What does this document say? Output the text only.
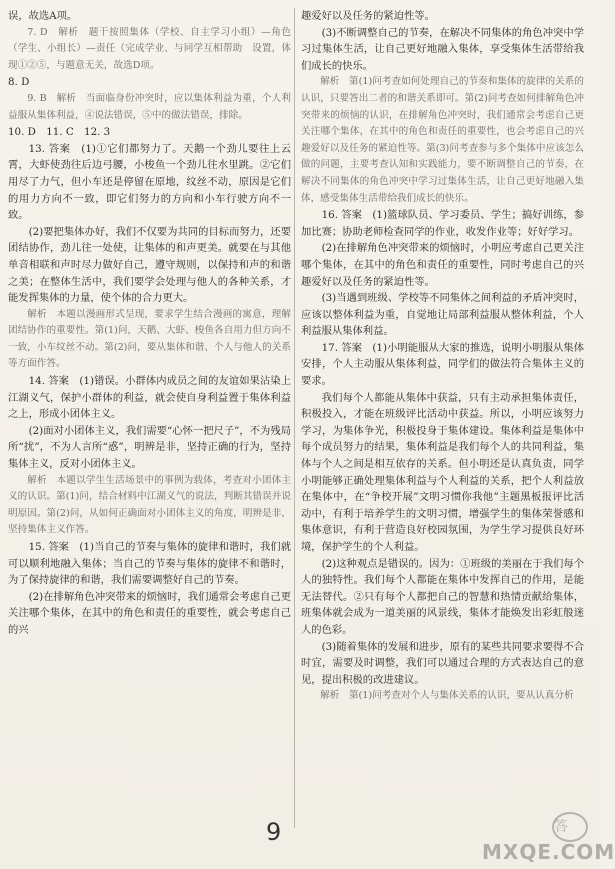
误，故选A项。

7. D　解析　题干按照集体（学校、自主学习小组）—角色（学生、小组长）—责任（完成学业、与同学互相帮助　设置，体现①②⑤，与题意无关，故选D项。

8. D

9. B　解析　当面临身份冲突时，应以集体利益为重，个人利益服从集体利益，④说法错误，⑤中的做法错误，排除。

10. D　11. C　12. 3

13. 答案　(1)①它们都努力了。天鹅一个劲儿要往上云霄，大虾使劲往后边弓腰，小梭鱼一个劲儿往水里跳。②它们用尽了力气，但小车还是停留在原地，纹丝不动，原因是它们的用力方向不一致，即它们努力的方向和小车行驶方向不一致。

(2)要把集体办好，我们不仅要为共同的目标而努力，还要团结协作，劲儿往一处使，让集体的和声更美。就要在与其他单音相联和声时尽力做好自己，遵守规则，以保持和声的和谐之美；在整体生活中，我们要学会处理与他人的各种关系，才能发挥集体的力量，使个体的合力更大。

解析　本题以漫画形式呈现，要求学生结合漫画的寓意，理解团结协作的重要性。第(1)问，天鹅、大虾、梭鱼各自用力但方向不一致，小车纹丝不动。第(2)问，要从集体和谐、个人与他人的关系等方面作答。

14. 答案　(1)错误。小群体内成员之间的友谊如果沾染上江湖义气，保护小群体的利益，就会使自身利益置于集体利益之上，形成小团体主义。

(2)面对小团体主义，我们需要“心怀一把尺子”，不为残局所“扰”，不为人言所“惑”，明辨是非，坚持正确的行为，坚持集体主义，反对小团体主义。

解析　本题以学生生活场景中的事例为载体，考查对小团体主义的认识。第(1)问，结合材料中江湖义气的说法，判断其错误并说明原因。第(2)问，从如何正确面对小团体主义的角度，明辨是非，坚持集体主义作答。

15. 答案　(1)当自己的节奏与集体的旋律和谐时，我们就可以顺利地融入集体；当自己的节奏与集体的旋律不和谐时，为了保持旋律的和谐，我们需要调整好自己的节奏。

(2)在排解角色冲突带来的烦恼时，我们通常会考虑自己更关注哪个集体，在其中的角色和责任的重要性，就会考虑自己的兴

趣爱好以及任务的紧迫性等。

(3)不断调整自己的节奏，在解决不同集体的角色冲突中学习过集体生活，让自己更好地融入集体，享受集体生活带给我们成长的快乐。

解析　第(1)问考查如何处理自己的节奏和集体的旋律的关系的认识，只要答出二者的和谐关系即可。第(2)问考查如何排解角色冲突带来的烦恼的认识，在排解角色冲突时，我们通常会考虑自己更关注哪个集体，在其中的角色和责任的重要性，也会考虑自己的兴趣爱好以及任务的紧迫性等。第(3)问考查参与多个集体中应该怎么做的问题，主要考查认知和实践能力，要不断调整自己的节奏，在解决不同集体的角色冲突中学习过集体生活，让自己更好地融入集体，感受集体生活带给我们成长的快乐。

16. 答案　(1)篮球队员、学习委员、学生；搞好训练，参加比赛；协助老师检查同学的作业，收发作业等；好好学习。

(2)在排解角色冲突带来的烦恼时，小明应考虑自己更关注哪个集体，在其中的角色和责任的重要性，同时考虑自己的兴趣爱好以及任务的紧迫性等。

(3)当遇到班级、学校等不同集体之间利益的矛盾冲突时，应该以整体利益为重，自觉地让局部利益服从整体利益，个人利益服从集体利益。

17. 答案　(1)小明能服从大家的推选，说明小明服从集体安排，个人主动服从集体利益，同学们的做法符合集体主义的要求。

我们每个人都能从集体中获益，只有主动承担集体责任，积极投入，才能在班级评比活动中获益。所以，小明应该努力学习，为集体争光，积极投身于集体建设。集体利益是集体中每个成员努力的结果，集体利益是我们每个人的共同利益，集体与个人之间是相互依存的关系。但小明还是认真负责，同学小明能够正确处理集体利益与个人利益的关系，把个人利益放在集体中，在“争校开展”文明习惯你我他”主题黑板报评比活动中，有利于培养学生的文明习惯，增强学生的集体荣誉感和集体意识，有利于营造良好校园氛围，为学生学习提供良好环境，保护学生的个人利益。

(2)这种观点是错误的。因为：①班级的美丽在于我们每个人的独特性。我们每个人都能在集体中发挥自己的作用，是能无法替代。②只有每个人都把自己的智慧和热情贡献给集体，班集体就会成为一道美丽的风景线，集体才能焕发出彩虹般迷人的色彩。

(3)随着集体的发展和进步，原有的某些共同要求要得不合时宜，需要及时调整，我们可以通过合理的方式表达自己的意见，提出积极的改进建议。

解析　第(1)问考查对个人与集体关系的认识，要从认真分析

9	答
MXQE.COM
